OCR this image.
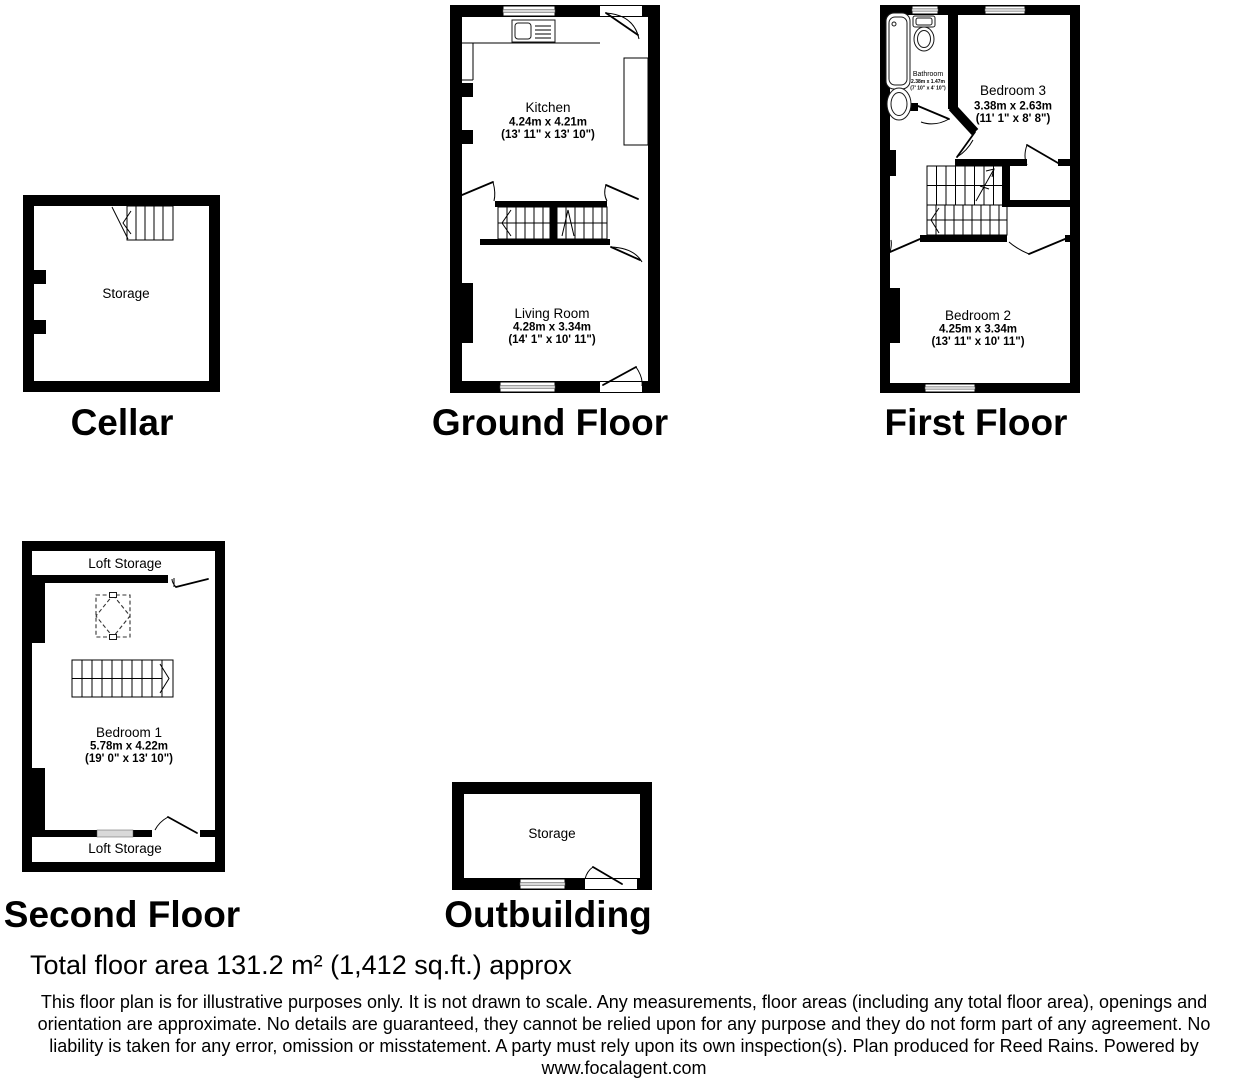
Storage
Cellar
Kitchen
4.24m x 4.21m
(13' 11" x 13' 10")
Living Room
4.28m x 3.34m
(14' 1" x 10' 11")
Ground Floor
Bathroom
2.38m x 1.47m
(7' 10" x 4' 10")	Bedroom 3
3.38m x 2.63m
(11' 1" x 8' 8")
Bedroom 2
4.25m x 3.34m
(13' 11" x 10' 11")
First Floor
Loft Storage
Bedroom 1
5.78m x 4.22m
(19' 0" x 13' 10")
Loft Storage
Second Floor
Storage
Outbuilding
Total floor area 131.2 m² (1,412 sq.ft.) approx
This floor plan is for illustrative purposes only. It is not drawn to scale. Any measurements, floor areas (including any total floor area), openings and
orientation are approximate. No details are guaranteed, they cannot be relied upon for any purpose and they do not form part of any agreement. No
liability is taken for any error, omission or misstatement. A party must rely upon its own inspection(s). Plan produced for Reed Rains. Powered by
www.focalagent.com
